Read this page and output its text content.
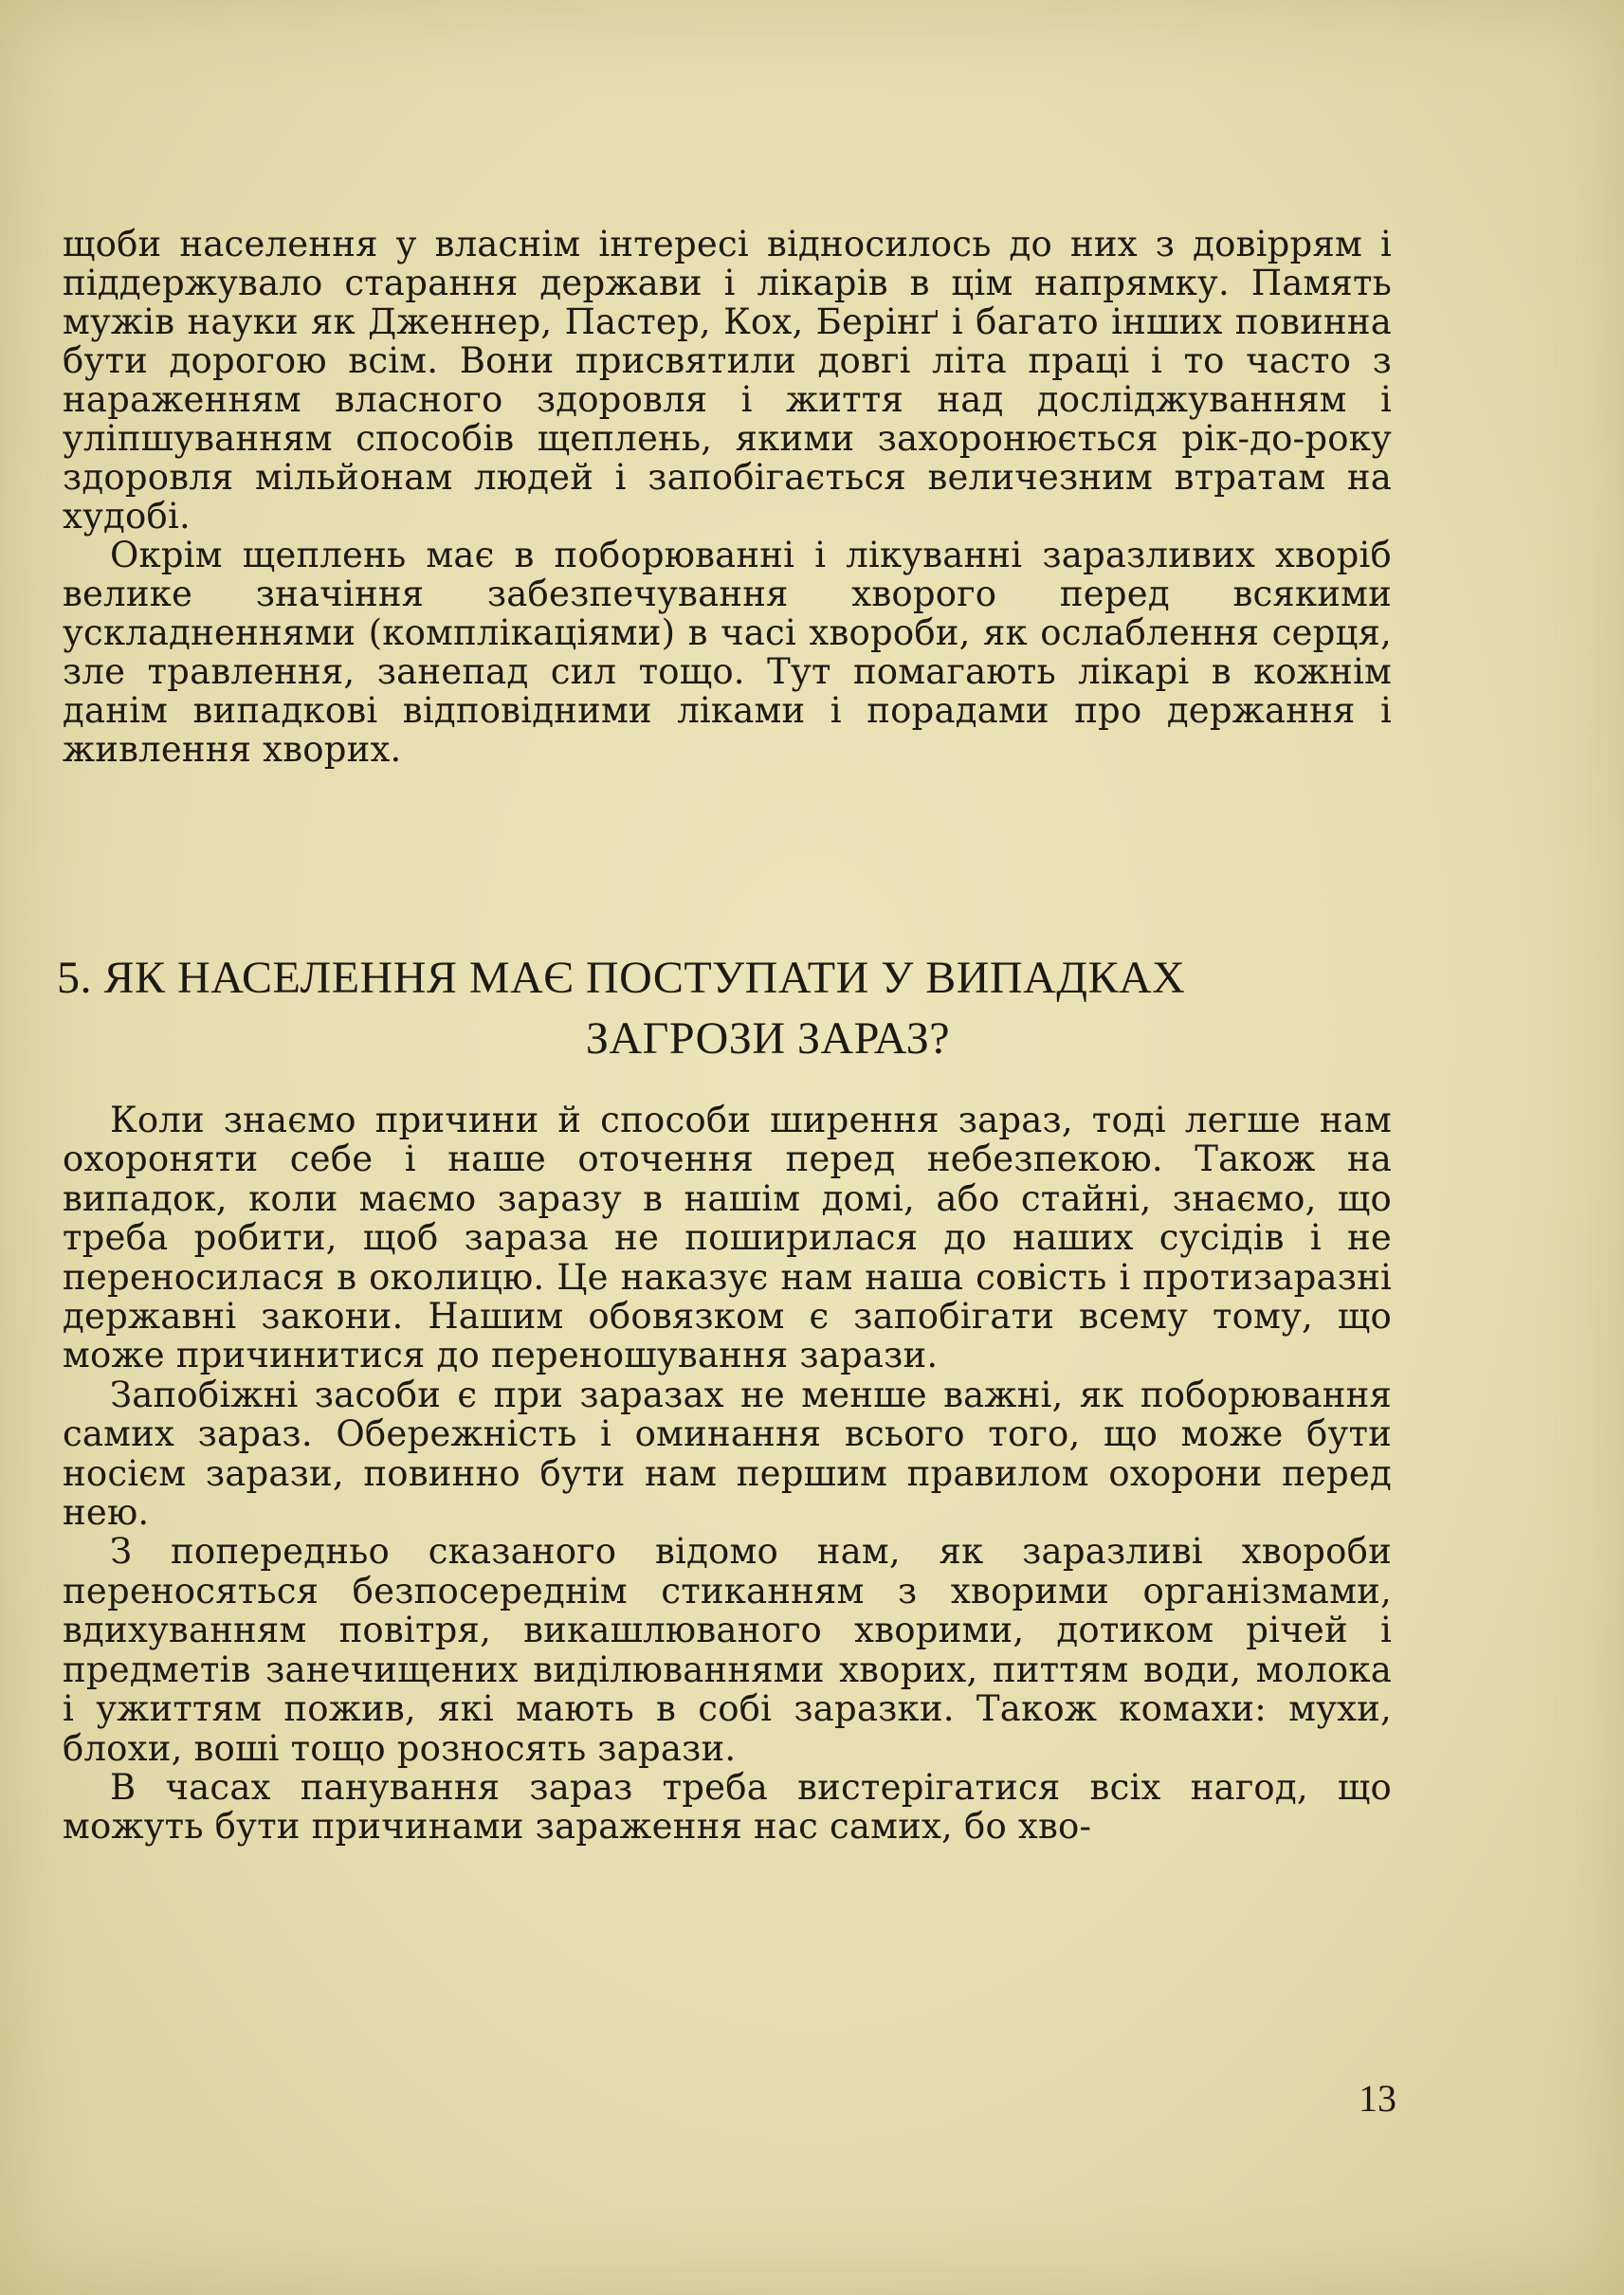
щоби населення у власнім інтересі відносилось до них з довіррям і піддержувало старання держави і лікарів в цім напрямку. Память мужів науки як Дженнер, Пастер, Кох, Берінґ і багато інших повинна бути дорогою всім. Вони присвятили довгі літа праці і то часто з нараженням власного здоровля і життя над досліджуванням і уліпшуванням способів щеплень, якими захоронюється рік-до-року здоровля мільйонам людей і запобігається величезним втратам на худобі.

Окрім щеплень має в поборюванні і лікуванні заразливих хворіб велике значіння забезпечування хворого перед всякими ускладненнями (комплікаціями) в часі хвороби, як ослаблення серця, зле травлення, занепад сил тощо. Тут помагають лікарі в кожнім данім випадкові відповідними ліками і порадами про держання і живлення хворих.

5. ЯК НАСЕЛЕННЯ МАЄ ПОСТУПАТИ У ВИПАДКАХ
ЗАГРОЗИ ЗАРАЗ?

Коли знаємо причини й способи ширення зараз, тоді легше нам охороняти себе і наше оточення перед небезпекою. Також на випадок, коли маємо заразу в нашім домі, або стайні, знаємо, що треба робити, щоб зараза не поширилася до наших сусідів і не переносилася в околицю. Це наказує нам наша совість і протизаразні державні закони. Нашим обовязком є запобігати всему тому, що може причинитися до переношування зарази.

Запобіжні засоби є при заразах не менше важні, як поборювання самих зараз. Обережність і оминання всього того, що може бути носієм зарази, повинно бути нам першим правилом охорони перед нею.

З попередньо сказаного відомо нам, як заразливі хвороби переносяться безпосереднім стиканням з хворими організмами, вдихуванням повітря, викашлюваного хворими, дотиком річей і предметів занечищених виділюваннями хворих, питтям води, молока і ужиттям пожив, які мають в собі заразки. Також комахи: мухи, блохи, воші тощо розносять зарази.

В часах панування зараз треба вистерігатися всіх нагод, що можуть бути причинами зараження нас самих, бо хво-

13
